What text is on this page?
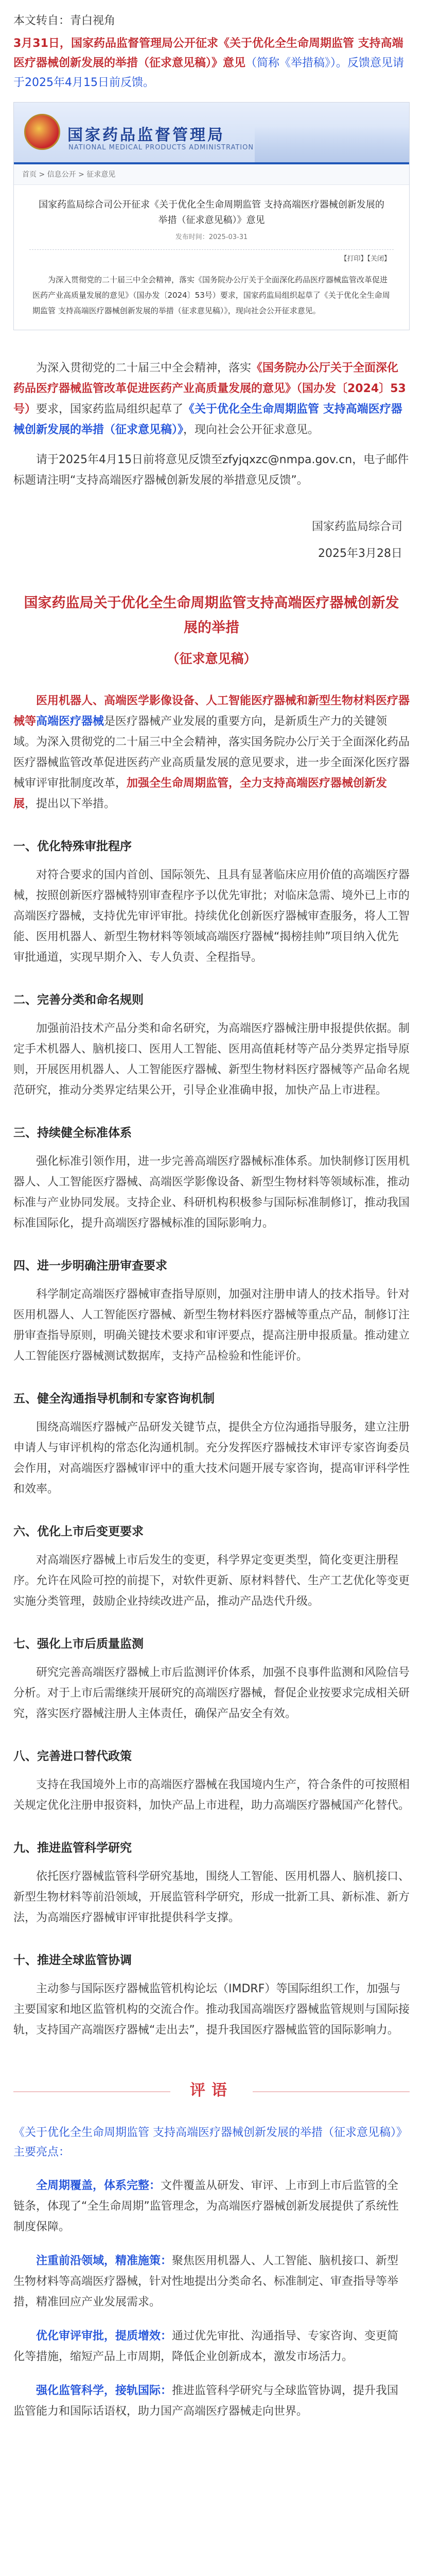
本文转自：青白视角
3月31日，国家药品监督管理局公开征求《关于优化全生命周期监管 支持高端医疗器械创新发展的举措（征求意见稿）》意见（简称《举措稿》）。反馈意见请于2025年4月15日前反馈。
国家药品监督管理局
NATIONAL MEDICAL PRODUCTS ADMINISTRATION
首页 > 信息公开 > 征求意见
国家药监局综合司公开征求《关于优化全生命周期监管 支持高端医疗器械创新发展的举措（征求意见稿）》意见
发布时间：2025-03-31
【打印】【关闭】
为深入贯彻党的二十届三中全会精神，落实《国务院办公厅关于全面深化药品医疗器械监管改革促进医药产业高质量发展的意见》（国办发〔2024〕53号）要求，国家药监局组织起草了《关于优化全生命周期监管 支持高端医疗器械创新发展的举措（征求意见稿）》，现向社会公开征求意见。
为深入贯彻党的二十届三中全会精神，落实《国务院办公厅关于全面深化药品医疗器械监管改革促进医药产业高质量发展的意见》（国办发〔2024〕53号）要求，国家药监局组织起草了《关于优化全生命周期监管 支持高端医疗器械创新发展的举措（征求意见稿）》，现向社会公开征求意见。
请于2025年4月15日前将意见反馈至zfyjqxzc@nmpa.gov.cn，电子邮件标题请注明“支持高端医疗器械创新发展的举措意见反馈”。
国家药监局综合司
2025年3月28日
国家药监局关于优化全生命周期监管支持高端医疗器械创新发展的举措
（征求意见稿）
医用机器人、高端医学影像设备、人工智能医疗器械和新型生物材料医疗器械等高端医疗器械是医疗器械产业发展的重要方向，是新质生产力的关键领域。为深入贯彻党的二十届三中全会精神，落实国务院办公厅关于全面深化药品医疗器械监管改革促进医药产业高质量发展的意见要求，进一步全面深化医疗器械审评审批制度改革，加强全生命周期监管，全力支持高端医疗器械创新发展，提出以下举措。
一、优化特殊审批程序
对符合要求的国内首创、国际领先、且具有显著临床应用价值的高端医疗器械，按照创新医疗器械特别审查程序予以优先审批；对临床急需、境外已上市的高端医疗器械，支持优先审评审批。持续优化创新医疗器械审查服务，将人工智能、医用机器人、新型生物材料等领域高端医疗器械“揭榜挂帅”项目纳入优先审批通道，实现早期介入、专人负责、全程指导。
二、完善分类和命名规则
加强前沿技术产品分类和命名研究，为高端医疗器械注册申报提供依据。制定手术机器人、脑机接口、医用人工智能、医用高值耗材等产品分类界定指导原则，开展医用机器人、人工智能医疗器械、新型生物材料医疗器械等产品命名规范研究，推动分类界定结果公开，引导企业准确申报，加快产品上市进程。
三、持续健全标准体系
强化标准引领作用，进一步完善高端医疗器械标准体系。加快制修订医用机器人、人工智能医疗器械、高端医学影像设备、新型生物材料等领域标准，推动标准与产业协同发展。支持企业、科研机构积极参与国际标准制修订，推动我国标准国际化，提升高端医疗器械标准的国际影响力。
四、进一步明确注册审查要求
科学制定高端医疗器械审查指导原则，加强对注册申请人的技术指导。针对医用机器人、人工智能医疗器械、新型生物材料医疗器械等重点产品，制修订注册审查指导原则，明确关键技术要求和审评要点，提高注册申报质量。推动建立人工智能医疗器械测试数据库，支持产品检验和性能评价。
五、健全沟通指导机制和专家咨询机制
围绕高端医疗器械产品研发关键节点，提供全方位沟通指导服务，建立注册申请人与审评机构的常态化沟通机制。充分发挥医疗器械技术审评专家咨询委员会作用，对高端医疗器械审评中的重大技术问题开展专家咨询，提高审评科学性和效率。
六、优化上市后变更要求
对高端医疗器械上市后发生的变更，科学界定变更类型，简化变更注册程序。允许在风险可控的前提下，对软件更新、原材料替代、生产工艺优化等变更实施分类管理，鼓励企业持续改进产品，推动产品迭代升级。
七、强化上市后质量监测
研究完善高端医疗器械上市后监测评价体系，加强不良事件监测和风险信号分析。对于上市后需继续开展研究的高端医疗器械，督促企业按要求完成相关研究，落实医疗器械注册人主体责任，确保产品安全有效。
八、完善进口替代政策
支持在我国境外上市的高端医疗器械在我国境内生产，符合条件的可按照相关规定优化注册申报资料，加快产品上市进程，助力高端医疗器械国产化替代。
九、推进监管科学研究
依托医疗器械监管科学研究基地，围绕人工智能、医用机器人、脑机接口、新型生物材料等前沿领域，开展监管科学研究，形成一批新工具、新标准、新方法，为高端医疗器械审评审批提供科学支撑。
十、推进全球监管协调
主动参与国际医疗器械监管机构论坛（IMDRF）等国际组织工作，加强与主要国家和地区监管机构的交流合作。推动我国高端医疗器械监管规则与国际接轨，支持国产高端医疗器械“走出去”，提升我国医疗器械监管的国际影响力。
评语
《关于优化全生命周期监管 支持高端医疗器械创新发展的举措（征求意见稿）》主要亮点：
全周期覆盖，体系完整：文件覆盖从研发、审评、上市到上市后监管的全链条，体现了“全生命周期”监管理念，为高端医疗器械创新发展提供了系统性制度保障。
注重前沿领域，精准施策：聚焦医用机器人、人工智能、脑机接口、新型生物材料等高端医疗器械，针对性地提出分类命名、标准制定、审查指导等举措，精准回应产业发展需求。
优化审评审批，提质增效：通过优先审批、沟通指导、专家咨询、变更简化等措施，缩短产品上市周期，降低企业创新成本，激发市场活力。
强化监管科学，接轨国际：推进监管科学研究与全球监管协调，提升我国监管能力和国际话语权，助力国产高端医疗器械走向世界。
